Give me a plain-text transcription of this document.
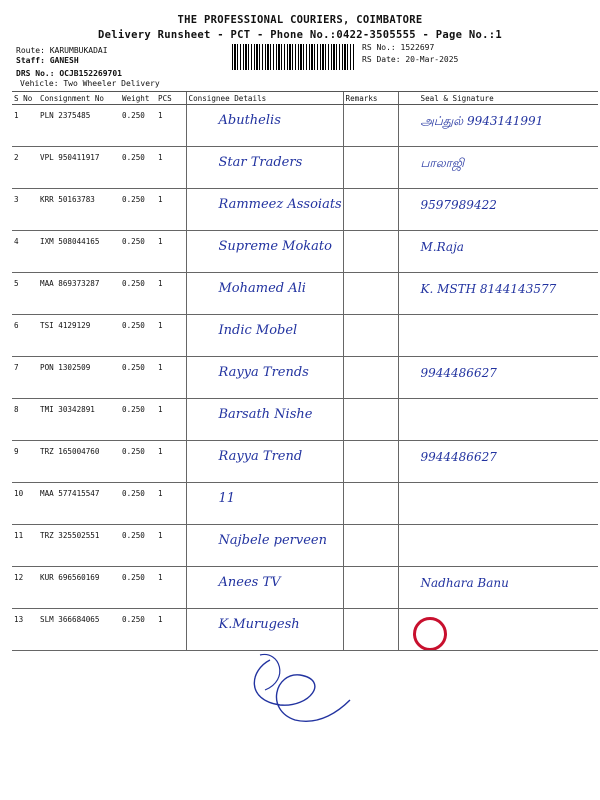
THE PROFESSIONAL COURIERS, COIMBATORE
Delivery Runsheet - PCT - Phone No.:0422-3505555 - Page No.:1
Route: KARUMBUKADAI
Staff: GANESH
DRS No.: OCJB152269701
Vehicle: Two Wheeler Delivery
RS No.: 1522697
RS Date: 20-Mar-2025
S No	Consignment No	Weight	PCS	Consignee Details	Remarks	Seal & Signature
1	PLN 2375485	0.250	1	Abuthelis		அப்துல் 9943141991

2	VPL 950411917	0.250	1	Star Traders		பாலாஜி

3	KRR 50163783	0.250	1	Rammeez Assoiats		9597989422

4	IXM 508044165	0.250	1	Supreme Mokato		M.Raja

5	MAA 869373287	0.250	1	Mohamed Ali		K. MSTH 8144143577

6	TSI 4129129	0.250	1	Indic Mobel		

7	PON 1302509	0.250	1	Rayya Trends		9944486627

8	TMI 30342891	0.250	1	Barsath Nishe		

9	TRZ 165004760	0.250	1	Rayya Trend		9944486627

10	MAA 577415547	0.250	1	11		

11	TRZ 325502551	0.250	1	Najbele perveen		

12	KUR 696560169	0.250	1	Anees TV		Nadhara Banu

13	SLM 366684065	0.250	1	K.Murugesh		
